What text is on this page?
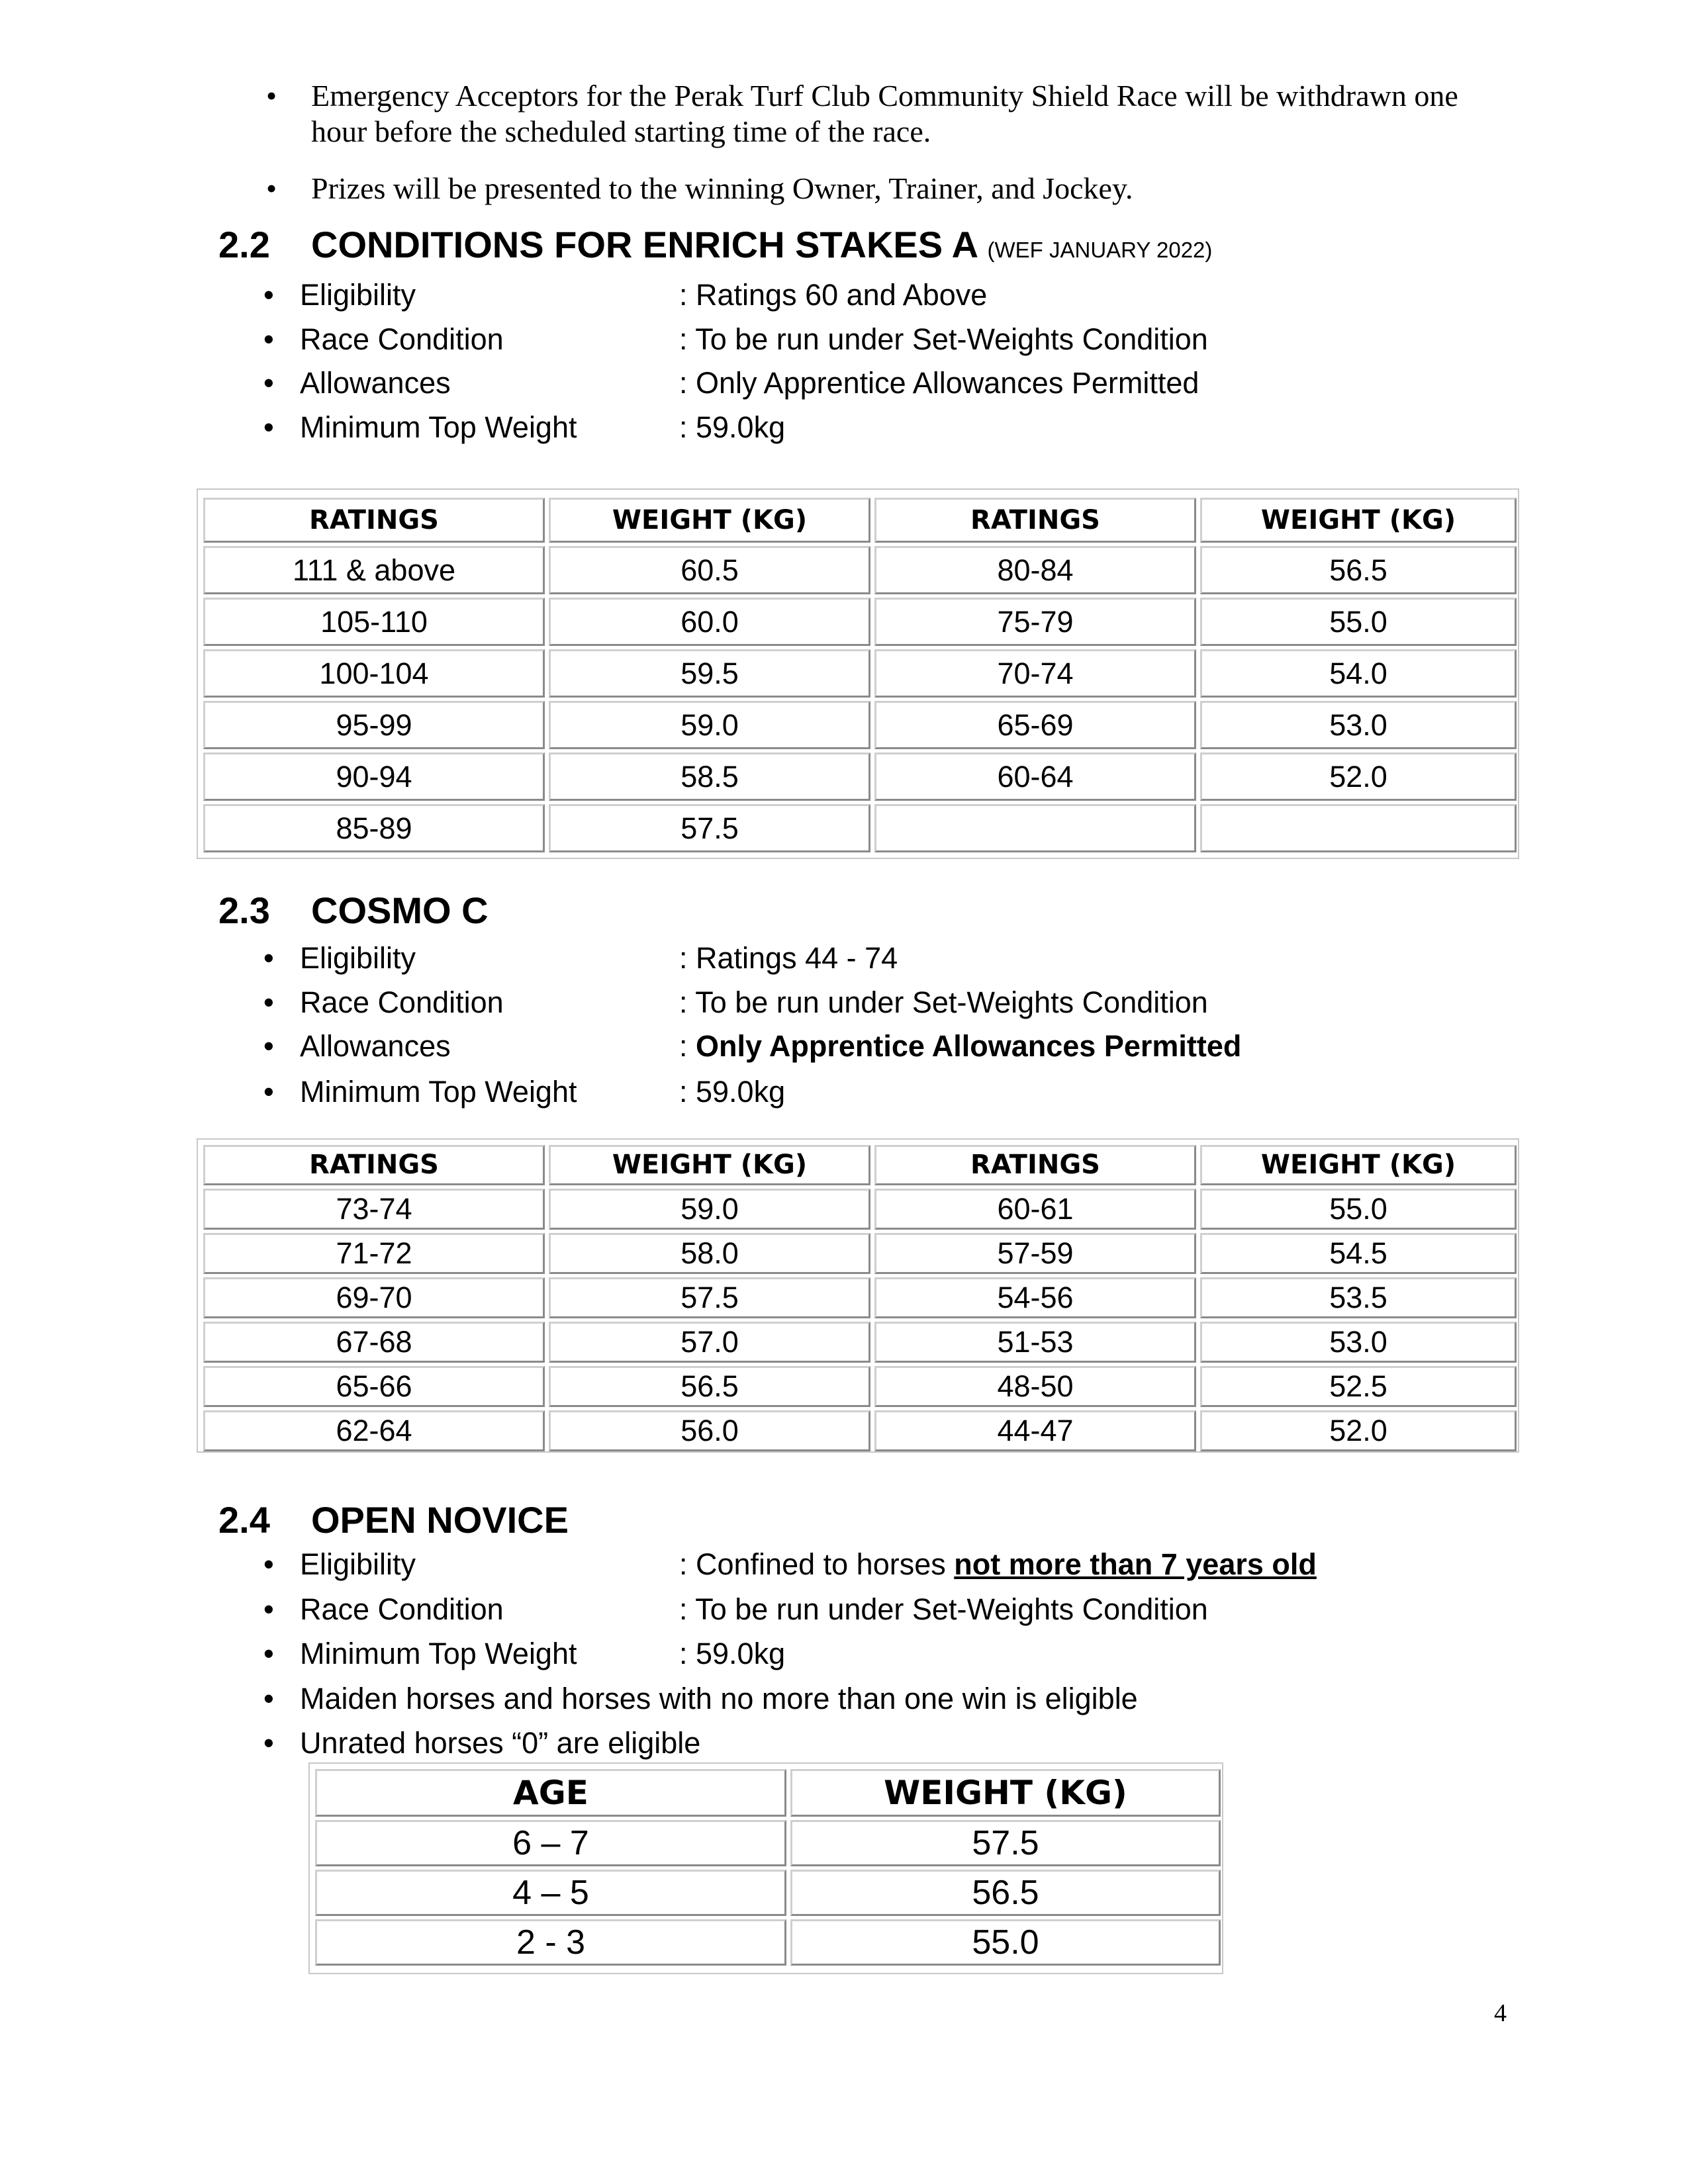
• Emergency Acceptors for the Perak Turf Club Community Shield Race will be withdrawn one
hour before the scheduled starting time of the race.
• Prizes will be presented to the winning Owner, Trainer, and Jockey.
2.2 CONDITIONS FOR ENRICH STAKES A (WEF JANUARY 2022)
• Eligibility	: Ratings 60 and Above
• Race Condition	: To be run under Set-Weights Condition
• Allowances	: Only Apprentice Allowances Permitted
• Minimum Top Weight	: 59.0kg
RATINGS	WEIGHT (KG)	RATINGS	WEIGHT (KG)
111 & above	60.5	80-84	56.5
105-110	60.0	75-79	55.0
100-104	59.5	70-74	54.0
95-99	59.0	65-69	53.0
90-94	58.5	60-64	52.0
85-89	57.5
2.3 COSMO C
• Eligibility	: Ratings 44 - 74
• Race Condition	: To be run under Set-Weights Condition
• Allowances	: Only Apprentice Allowances Permitted
• Minimum Top Weight	: 59.0kg
RATINGS	WEIGHT (KG)	RATINGS	WEIGHT (KG)
73-74	59.0	60-61	55.0
71-72	58.0	57-59	54.5
69-70	57.5	54-56	53.5
67-68	57.0	51-53	53.0
65-66	56.5	48-50	52.5
62-64	56.0	44-47	52.0
2.4 OPEN NOVICE
• Eligibility	: Confined to horses not more than 7 years old
• Race Condition	: To be run under Set-Weights Condition
• Minimum Top Weight	: 59.0kg
• Maiden horses and horses with no more than one win is eligible
• Unrated horses “0” are eligible
AGE	WEIGHT (KG)
6 – 7	57.5
4 – 5	56.5
2 - 3	55.0
4
